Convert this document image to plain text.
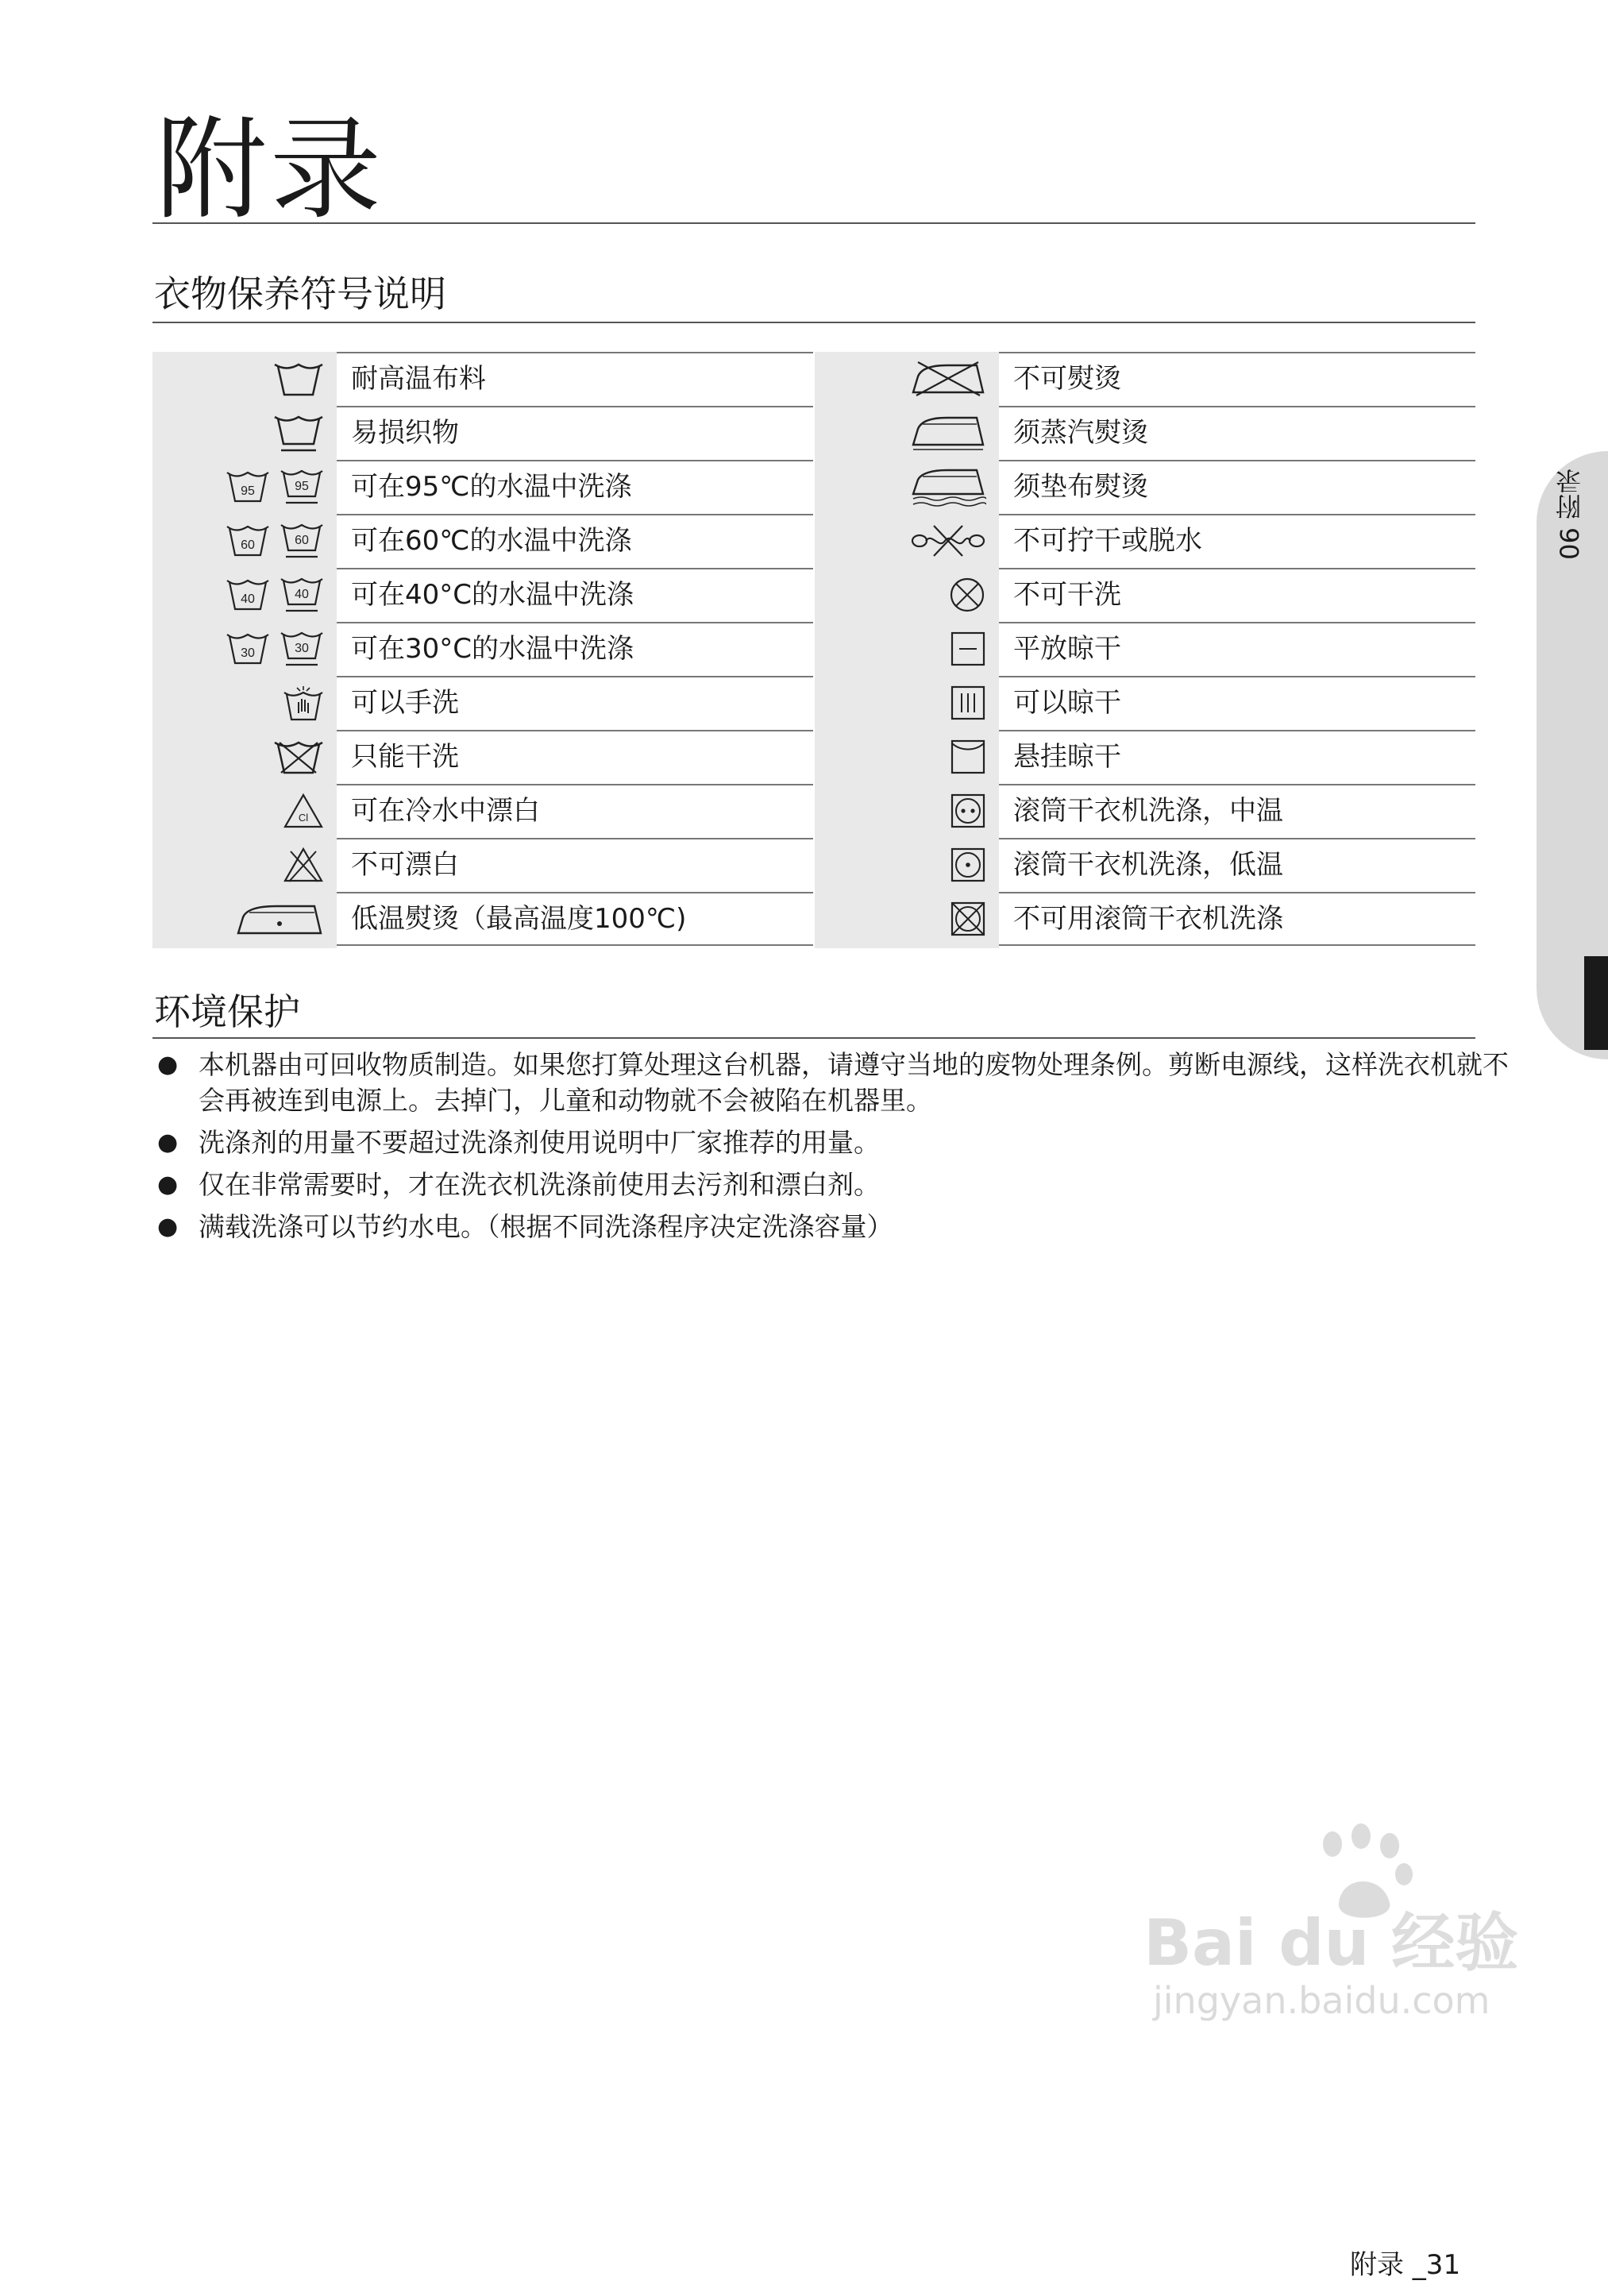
附录
衣物保养符号说明
耐高温布料
易损织物
95	95	可在95℃的水温中洗涤
60	60	可在60℃的水温中洗涤
40	40	可在40°C的水温中洗涤
30	30	可在30°C的水温中洗涤
可以手洗
只能干洗
Cl	可在冷水中漂白
不可漂白
低温熨烫（最高温度100℃)
不可熨烫
须蒸汽熨烫
须垫布熨烫
不可拧干或脱水
不可干洗
平放晾干
可以晾干
悬挂晾干
滚筒干衣机洗涤，中温
滚筒干衣机洗涤，低温
不可用滚筒干衣机洗涤
环境保护
● 本机器由可回收物质制造。如果您打算处理这台机器，请遵守当地的废物处理条例。剪断电源线，这样洗衣机就不会再被连到电源上。去掉门，儿童和动物就不会被陷在机器里。
● 洗涤剂的用量不要超过洗涤剂使用说明中厂家推荐的用量。
● 仅在非常需要时，才在洗衣机洗涤前使用去污剂和漂白剂。
● 满载洗涤可以节约水电。（根据不同洗涤程序决定洗涤容量）
06 附录
Bai du 经验
jingyan.baidu.com
附录 _31
